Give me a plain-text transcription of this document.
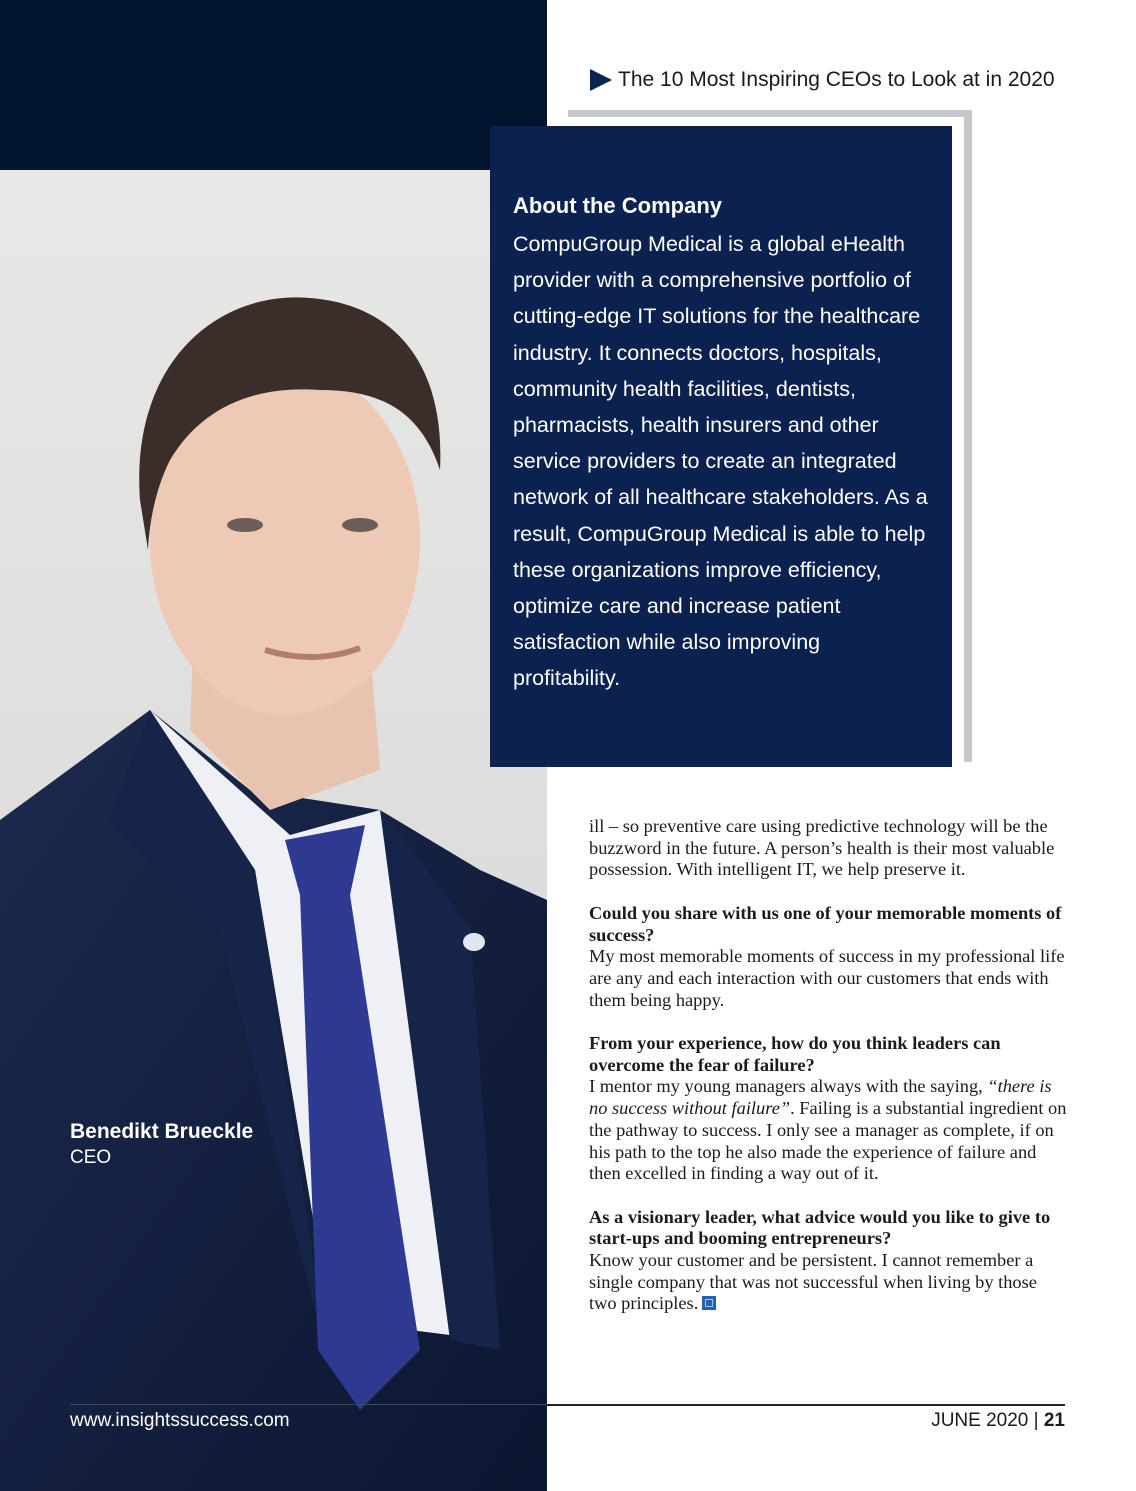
Benedikt Brueckle
CEO
www.insightssuccess.com
The 10 Most Inspiring CEOs to Look at in 2020
About the Company

CompuGroup Medical is a global eHealth provider with a comprehensive portfolio of cutting-edge IT solutions for the healthcare industry. It connects doctors, hospitals, community health facilities, dentists, pharmacists, health insurers and other service providers to create an integrated network of all healthcare stakeholders. As a result, CompuGroup Medical is able to help these organizations improve efficiency, optimize care and increase patient satisfaction while also improving profitability.

ill – so preventive care using predictive technology will be the buzzword in the future. A person’s health is their most valuable possession. With intelligent IT, we help preserve it.

Could you share with us one of your memorable moments of success?
My most memorable moments of success in my professional life are any and each interaction with our customers that ends with them being happy.

From your experience, how do you think leaders can overcome the fear of failure?
I mentor my young managers always with the saying, “there is no success without failure”. Failing is a substantial ingredient on the pathway to success. I only see a manager as complete, if on his path to the top he also made the experience of failure and then excelled in finding a way out of it.

As a visionary leader, what advice would you like to give to start-ups and booming entrepreneurs?
Know your customer and be persistent. I cannot remember a single company that was not successful when living by those two principles.

JUNE 2020 | 21
